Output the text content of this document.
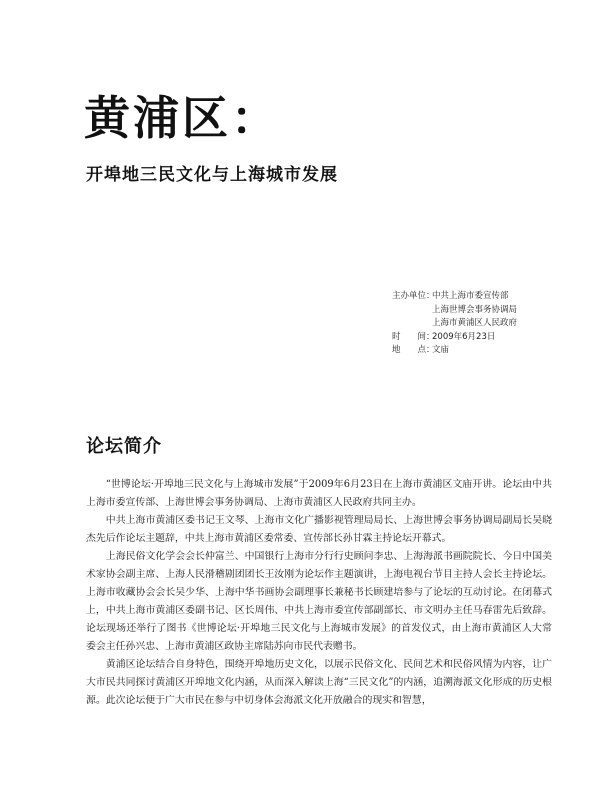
黄浦区：
开埠地三民文化与上海城市发展
主办单位：中共上海市委宣传部
上海世博会事务协调局
上海市黄浦区人民政府
时　　间：2009年6月23日
地　　点：文庙
论坛简介

“世博论坛·开埠地三民文化与上海城市发展”于2009年6月23日在上海市黄浦区文庙开讲。论坛由中共上海市委宣传部、上海世博会事务协调局、上海市黄浦区人民政府共同主办。

中共上海市黄浦区委书记王文琴、上海市文化广播影视管理局局长、上海世博会事务协调局副局长吴晓杰先后作论坛主题辞，中共上海市黄浦区委常委、宣传部长孙甘霖主持论坛开幕式。

上海民俗文化学会会长仲富兰、中国银行上海市分行行史顾问李忠、上海海派书画院院长、今日中国美术家协会副主席、上海人民滑稽剧团团长王汝刚为论坛作主题演讲，上海电视台节目主持人会长主持论坛。上海市收藏协会会长吴少华、上海中华书画协会副理事长兼秘书长顾建培参与了论坛的互动讨论。在闭幕式上，中共上海市黄浦区委副书记、区长周伟、中共上海市委宣传部副部长、市文明办主任马春雷先后致辞。论坛现场还举行了图书《世博论坛·开埠地三民文化与上海城市发展》的首发仪式，由上海市黄浦区人大常委会主任孙兴忠、上海市黄浦区政协主席陆苏向市民代表赠书。

黄浦区论坛结合自身特色，围绕开埠地历史文化，以展示民俗文化、民间艺术和民俗风情为内容，让广大市民共同探讨黄浦区开埠地文化内涵，从而深入解读上海“三民文化”的内涵，追溯海派文化形成的历史根源。此次论坛便于广大市民在参与中切身体会海派文化开放融合的现实和智慧，
